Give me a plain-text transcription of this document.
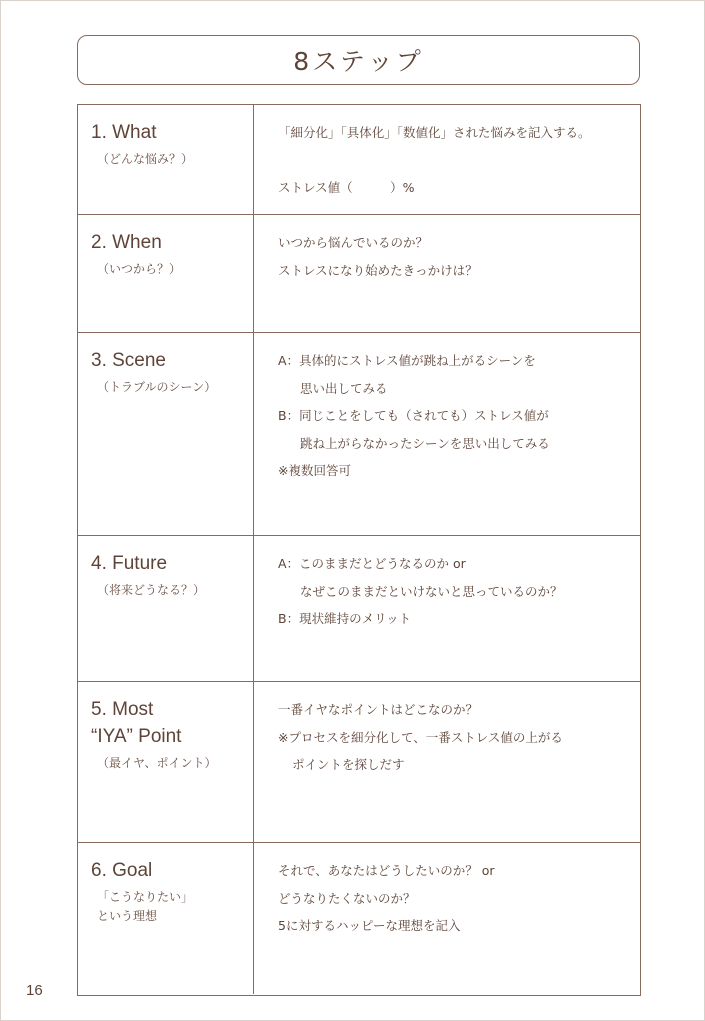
8ステップ
1. What
（どんな悩み？）
「細分化」「具体化」「数値化」された悩みを記入する。
ストレス値（　　　）%
2. When
（いつから？）
いつから悩んでいるのか？
ストレスになり始めたきっかけは？
3. Scene
（トラブルのシーン）
A：具体的にストレス値が跳ね上がるシーンを
思い出してみる
B：同じことをしても（されても）ストレス値が
跳ね上がらなかったシーンを思い出してみる
※複数回答可
4. Future
（将来どうなる？）
A：このままだとどうなるのか or
なぜこのままだといけないと思っているのか？
B：現状維持のメリット
5. Most
“IYA” Point
（最イヤ、ポイント）
一番イヤなポイントはどこなのか？
※プロセスを細分化して、一番ストレス値の上がる
ポイントを探しだす
6. Goal
「こうなりたい」
という理想
それで、あなたはどうしたいのか？ or
どうなりたくないのか？
5に対するハッピーな理想を記入
16
